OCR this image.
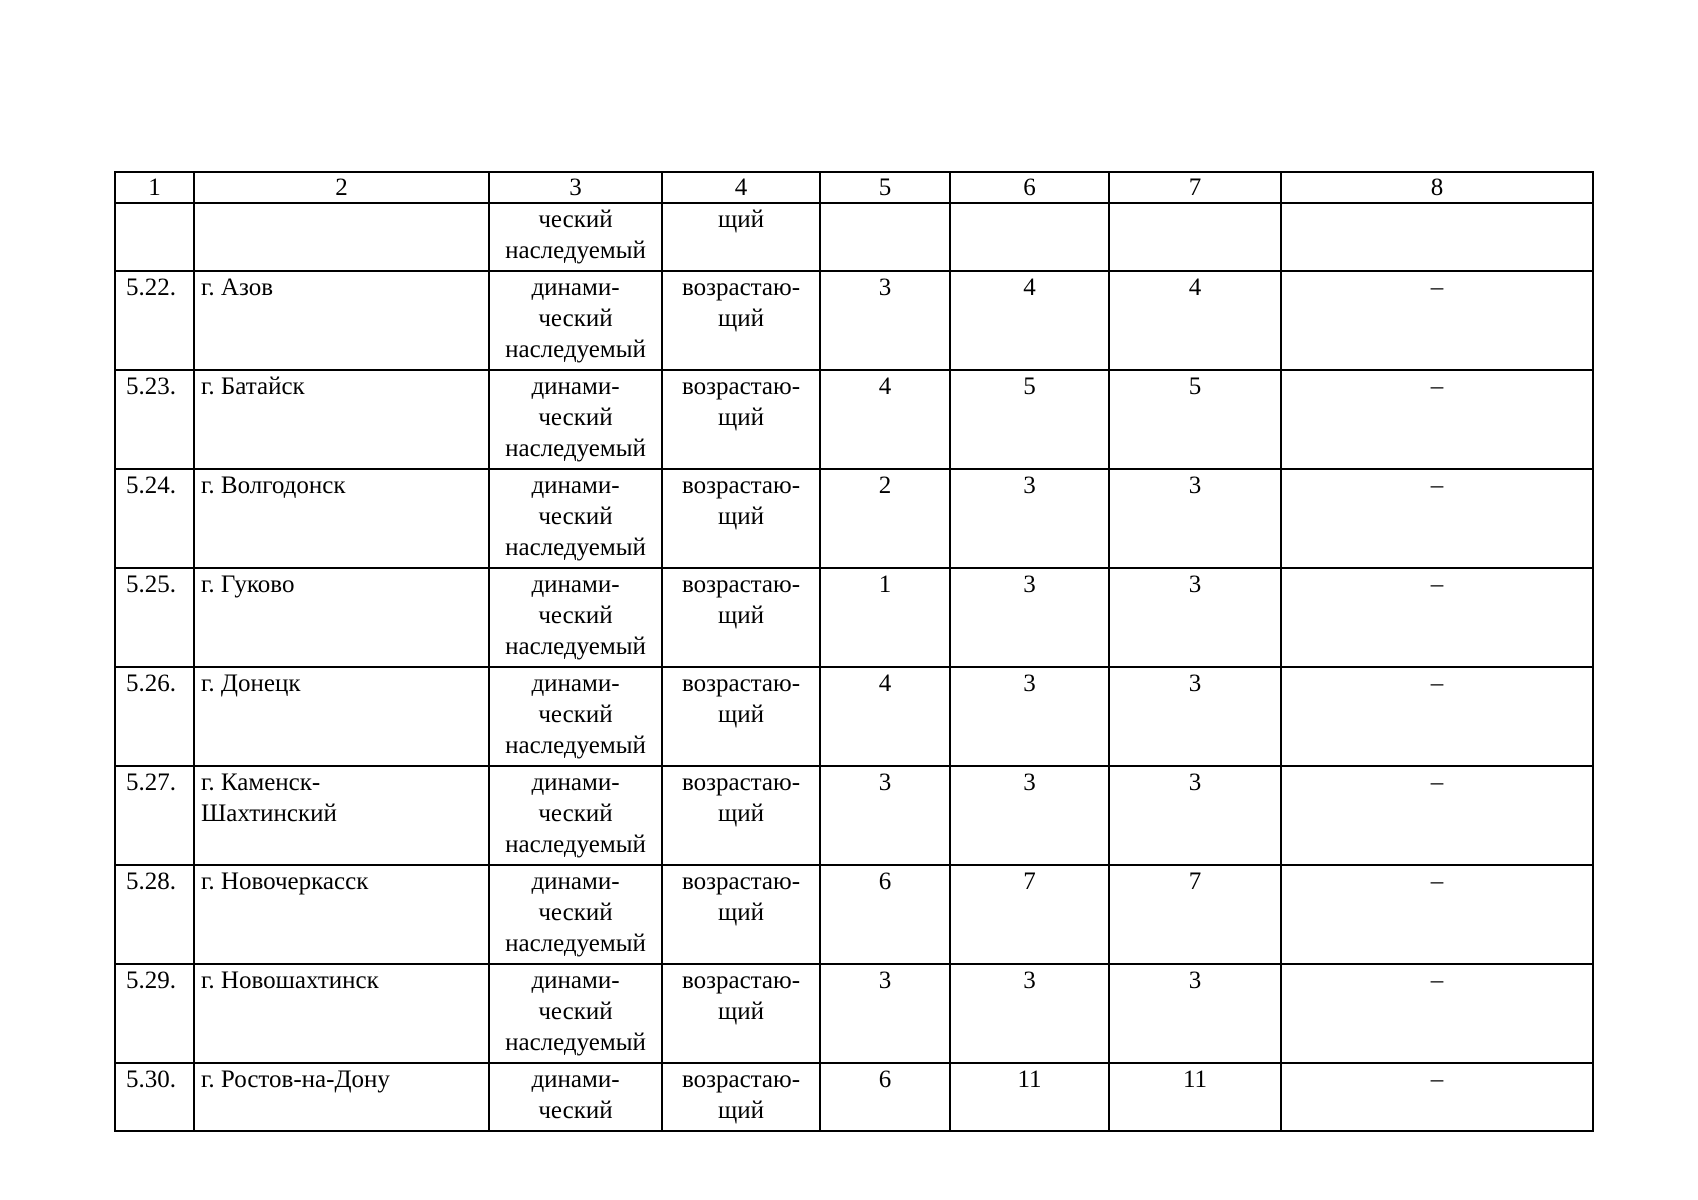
1	2	3	4	5	6	7	8

		ческий
наследуемый	щий				

5.22.	г. Азов	динами-
ческий
наследуемый	возрастаю-
щий	3	4	4	–
5.23.	г. Батайск	динами-
ческий
наследуемый	возрастаю-
щий	4	5	5	–
5.24.	г. Волгодонск	динами-
ческий
наследуемый	возрастаю-
щий	2	3	3	–
5.25.	г. Гуково	динами-
ческий
наследуемый	возрастаю-
щий	1	3	3	–
5.26.	г. Донецк	динами-
ческий
наследуемый	возрастаю-
щий	4	3	3	–
5.27.	г. Каменск-
Шахтинский	динами-
ческий
наследуемый	возрастаю-
щий	3	3	3	–
5.28.	г. Новочеркасск	динами-
ческий
наследуемый	возрастаю-
щий	6	7	7	–
5.29.	г. Новошахтинск	динами-
ческий
наследуемый	возрастаю-
щий	3	3	3	–
5.30.	г. Ростов-на-Дону	динами-
ческий	возрастаю-
щий	6	11	11	–
